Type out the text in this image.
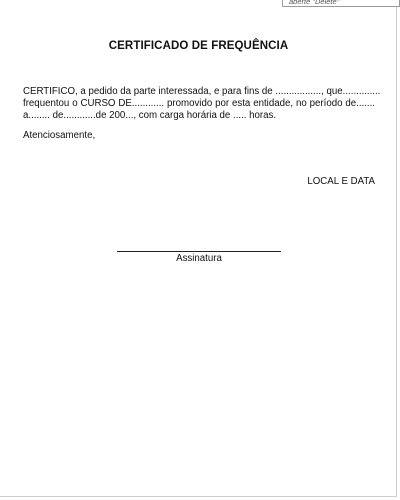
aberte "Delete"
CERTIFICADO DE FREQUÊNCIA
CERTIFICO, a pedido da parte interessada, e para fins de ................., que..............
frequentou o CURSO DE............ promovido por esta entidade, no período de.......
a........ de............de 200..., com carga horária de ..... horas.
Atenciosamente,
LOCAL E DATA
Assinatura
